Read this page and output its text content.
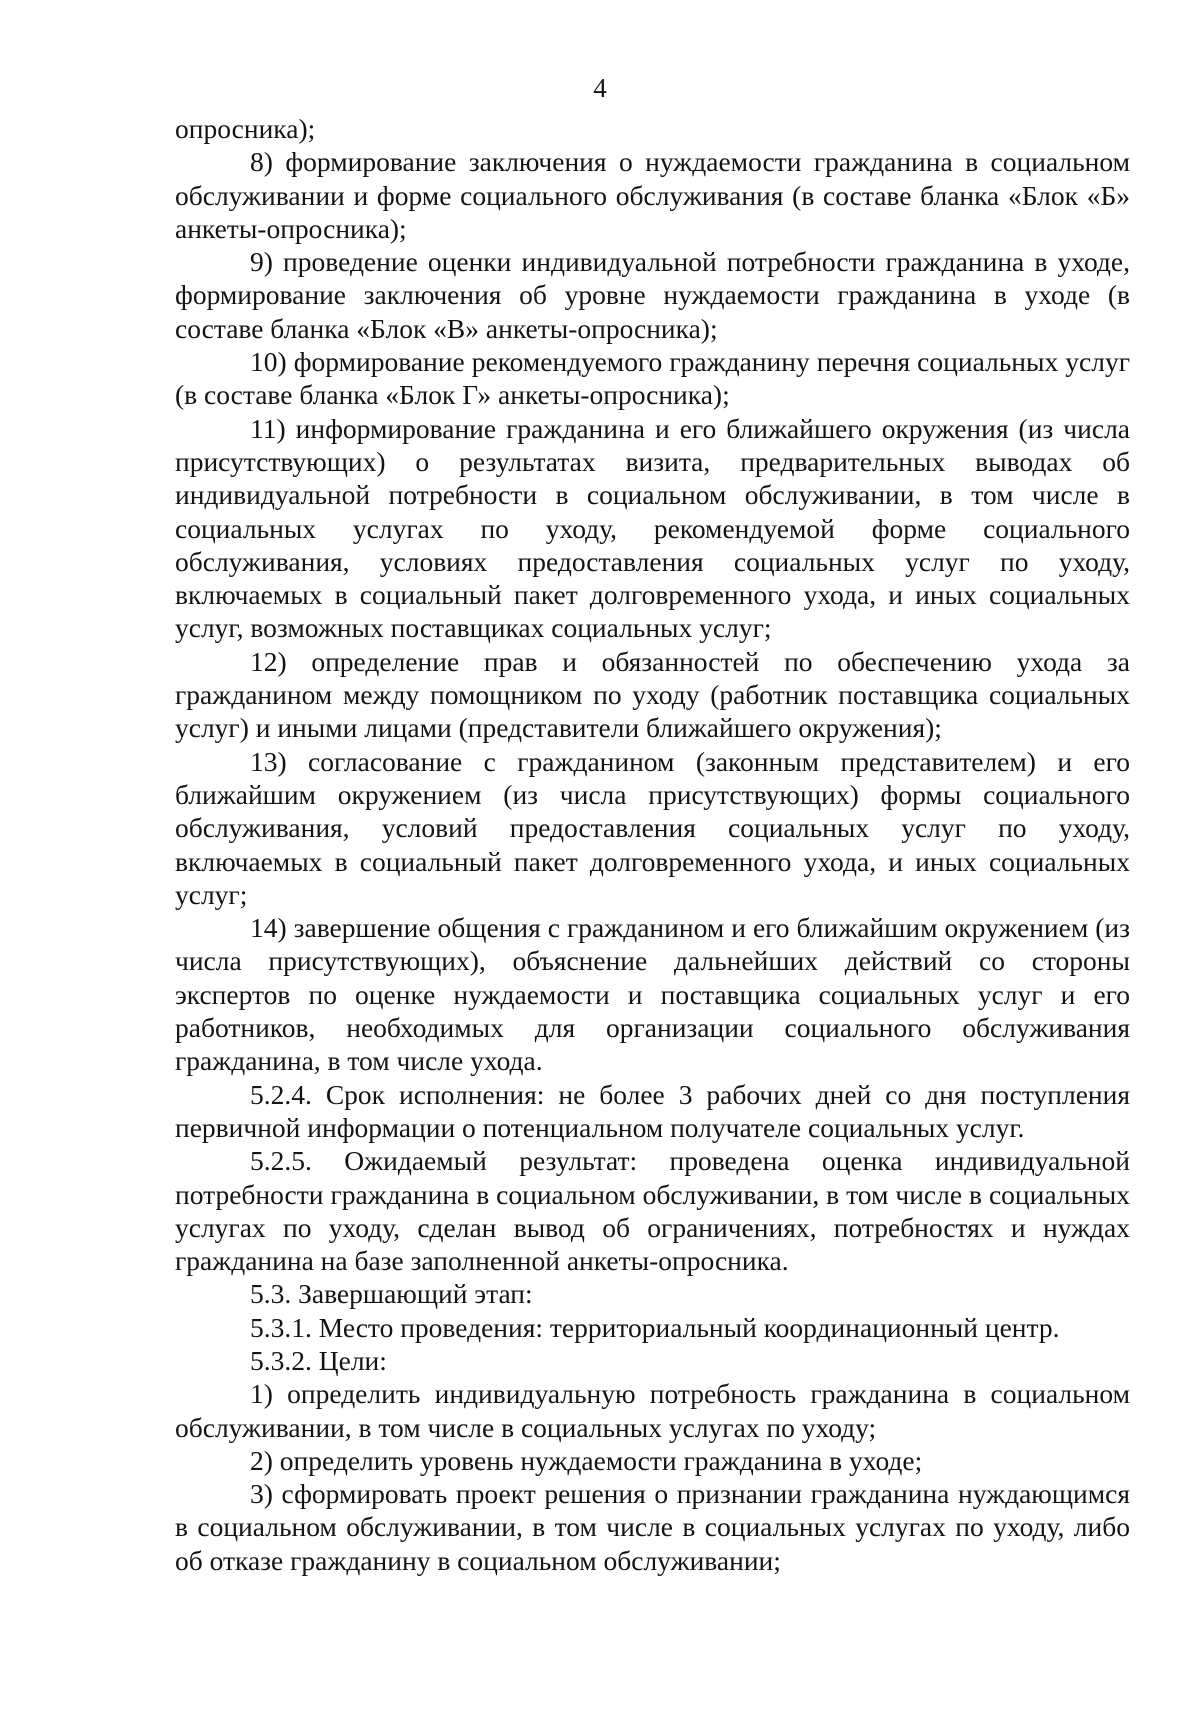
4

опросника);

8) формирование заключения о нуждаемости гражданина в социальном обслуживании и форме социального обслуживания (в составе бланка «Блок «Б» анкеты-опросника);

9) проведение оценки индивидуальной потребности гражданина в уходе, формирование заключения об уровне нуждаемости гражданина в уходе (в составе бланка «Блок «В» анкеты-опросника);

10) формирование рекомендуемого гражданину перечня социальных услуг (в составе бланка «Блок Г» анкеты-опросника);

11) информирование гражданина и его ближайшего окружения (из числа присутствующих) о результатах визита, предварительных выводах об индивидуальной потребности в социальном обслуживании, в том числе в социальных услугах по уходу, рекомендуемой форме социального обслуживания, условиях предоставления социальных услуг по уходу, включаемых в социальный пакет долговременного ухода, и иных социальных услуг, возможных поставщиках социальных услуг;

12) определение прав и обязанностей по обеспечению ухода за гражданином между помощником по уходу (работник поставщика социальных услуг) и иными лицами (представители ближайшего окружения);

13) согласование с гражданином (законным представителем) и его ближайшим окружением (из числа присутствующих) формы социального обслуживания, условий предоставления социальных услуг по уходу, включаемых в социальный пакет долговременного ухода, и иных социальных услуг;

14) завершение общения с гражданином и его ближайшим окружением (из числа присутствующих), объяснение дальнейших действий со стороны экспертов по оценке нуждаемости и поставщика социальных услуг и его работников, необходимых для организации социального обслуживания гражданина, в том числе ухода.

5.2.4. Срок исполнения: не более 3 рабочих дней со дня поступления первичной информации о потенциальном получателе социальных услуг.

5.2.5. Ожидаемый результат: проведена оценка индивидуальной потребности гражданина в социальном обслуживании, в том числе в социальных услугах по уходу, сделан вывод об ограничениях, потребностях и нуждах гражданина на базе заполненной анкеты-опросника.

5.3. Завершающий этап:

5.3.1. Место проведения: территориальный координационный центр.

5.3.2. Цели:

1) определить индивидуальную потребность гражданина в социальном обслуживании, в том числе в социальных услугах по уходу;

2) определить уровень нуждаемости гражданина в уходе;

3) сформировать проект решения о признании гражданина нуждающимся в социальном обслуживании, в том числе в социальных услугах по уходу, либо об отказе гражданину в социальном обслуживании;
